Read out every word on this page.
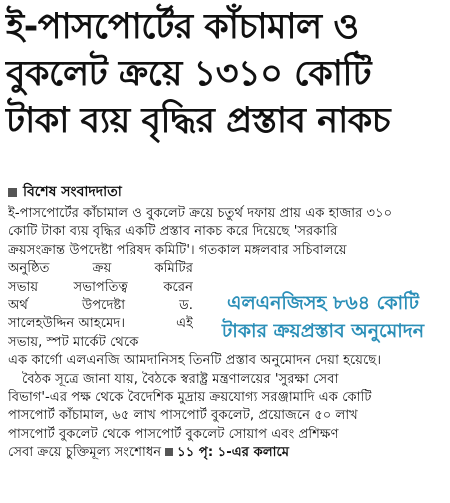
ই-পাসপোর্টের কাঁচামাল ও
বুকলেট ক্রয়ে ১৩১০ কোটি
টাকা ব্যয় বৃদ্ধির প্রস্তাব নাকচ
বিশেষ সংবাদদাতা
ই-পাসপোর্টের কাঁচামাল ও বুকলেট ক্রয়ে চতুর্থ দফায় প্রায় এক হাজার ৩১০
কোটি টাকা ব্যয় বৃদ্ধির একটি প্রস্তাব নাকচ করে দিয়েছে 'সরকারি
ক্রয়সংক্রান্ত উপদেষ্টা পরিষদ কমিটি'। গতকাল মঙ্গলবার সচিবালয়ে
অনুষ্ঠিত	ক্রয়	কমিটির
সভায়	সভাপতিত্ব	করেন
অর্থ	উপদেষ্টা	ড.
সালেহউদ্দিন আহমেদ।	এই
সভায়, স্পট মার্কেট থেকে
এক কার্গো এলএনজি আমদানিসহ তিনটি প্রস্তাব অনুমোদন দেয়া হয়েছে।
বৈঠক সূত্রে জানা যায়, বৈঠকে স্বরাষ্ট্র মন্ত্রণালয়ের 'সুরক্ষা সেবা
বিভাগ'-এর পক্ষ থেকে বৈদেশিক মুদ্রায় ক্রয়যোগ্য সরঞ্জামাদি এক কোটি
পাসপোর্ট কাঁচামাল, ৬৫ লাখ পাসপোর্ট বুকলেট, প্রয়োজনে ৫০ লাখ
পাসপোর্ট বুকলেট থেকে পাসপোর্ট বুকলেট সোয়াপ এবং প্রশিক্ষণ
সেবা ক্রয়ে চুক্তিমূল্য সংশোধন ১১ পৃ: ১-এর কলামে
এলএনজিসহ ৮৬৪ কোটি
টাকার ক্রয়প্রস্তাব অনুমোদন
